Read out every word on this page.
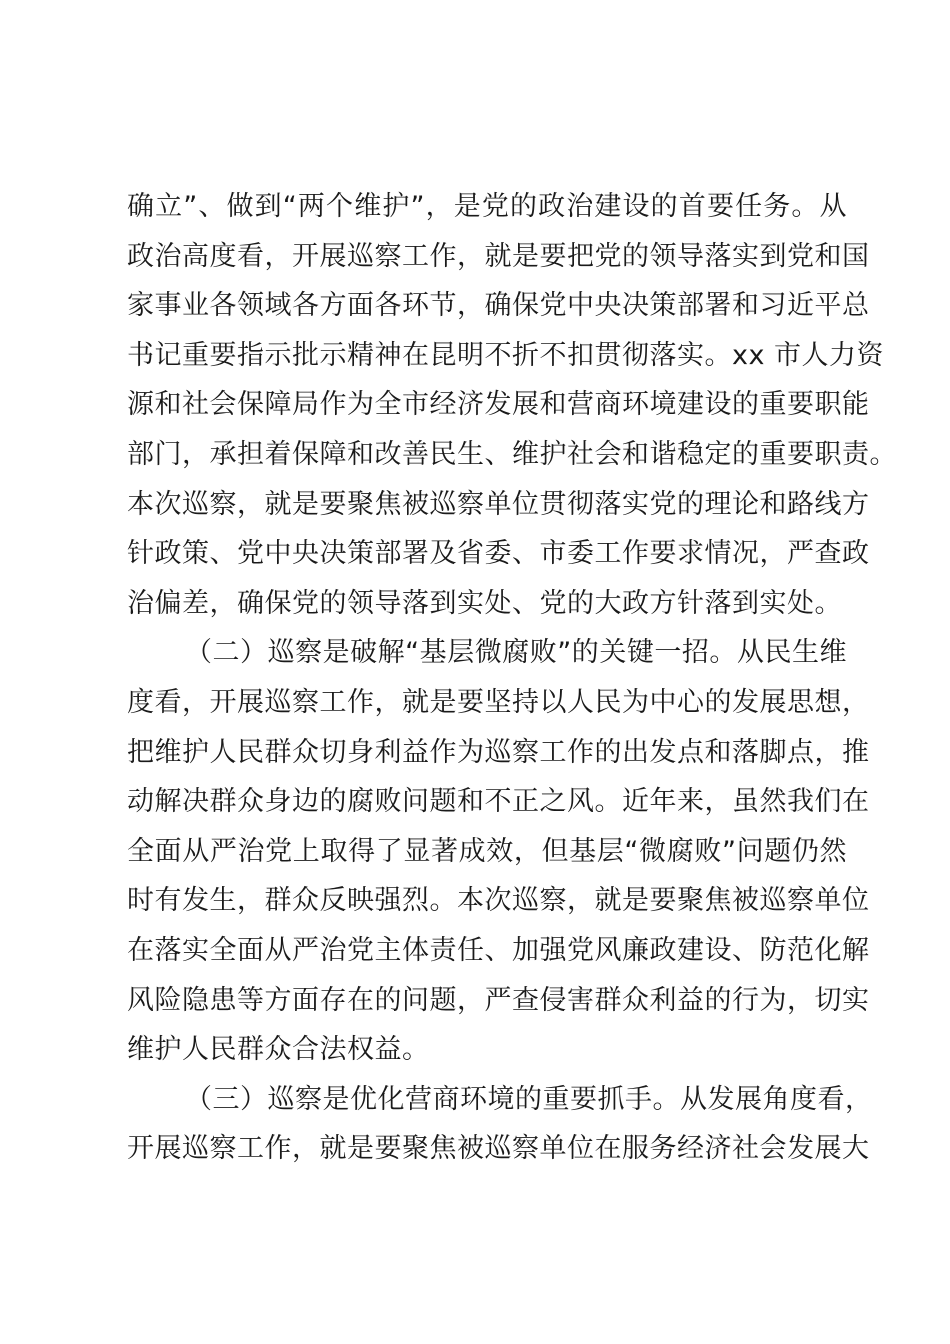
确立”、做到“两个维护”，是党的政治建设的首要任务。从
政治高度看，开展巡察工作，就是要把党的领导落实到党和国
家事业各领域各方面各环节，确保党中央决策部署和习近平总
书记重要指示批示精神在昆明不折不扣贯彻落实。xx 市人力资
源和社会保障局作为全市经济发展和营商环境建设的重要职能
部门，承担着保障和改善民生、维护社会和谐稳定的重要职责。
本次巡察，就是要聚焦被巡察单位贯彻落实党的理论和路线方
针政策、党中央决策部署及省委、市委工作要求情况，严查政
治偏差，确保党的领导落到实处、党的大政方针落到实处。
（二）巡察是破解“基层微腐败”的关键一招。从民生维
度看，开展巡察工作，就是要坚持以人民为中心的发展思想，
把维护人民群众切身利益作为巡察工作的出发点和落脚点，推
动解决群众身边的腐败问题和不正之风。近年来，虽然我们在
全面从严治党上取得了显著成效，但基层“微腐败”问题仍然
时有发生，群众反映强烈。本次巡察，就是要聚焦被巡察单位
在落实全面从严治党主体责任、加强党风廉政建设、防范化解
风险隐患等方面存在的问题，严查侵害群众利益的行为，切实
维护人民群众合法权益。
（三）巡察是优化营商环境的重要抓手。从发展角度看，
开展巡察工作，就是要聚焦被巡察单位在服务经济社会发展大
